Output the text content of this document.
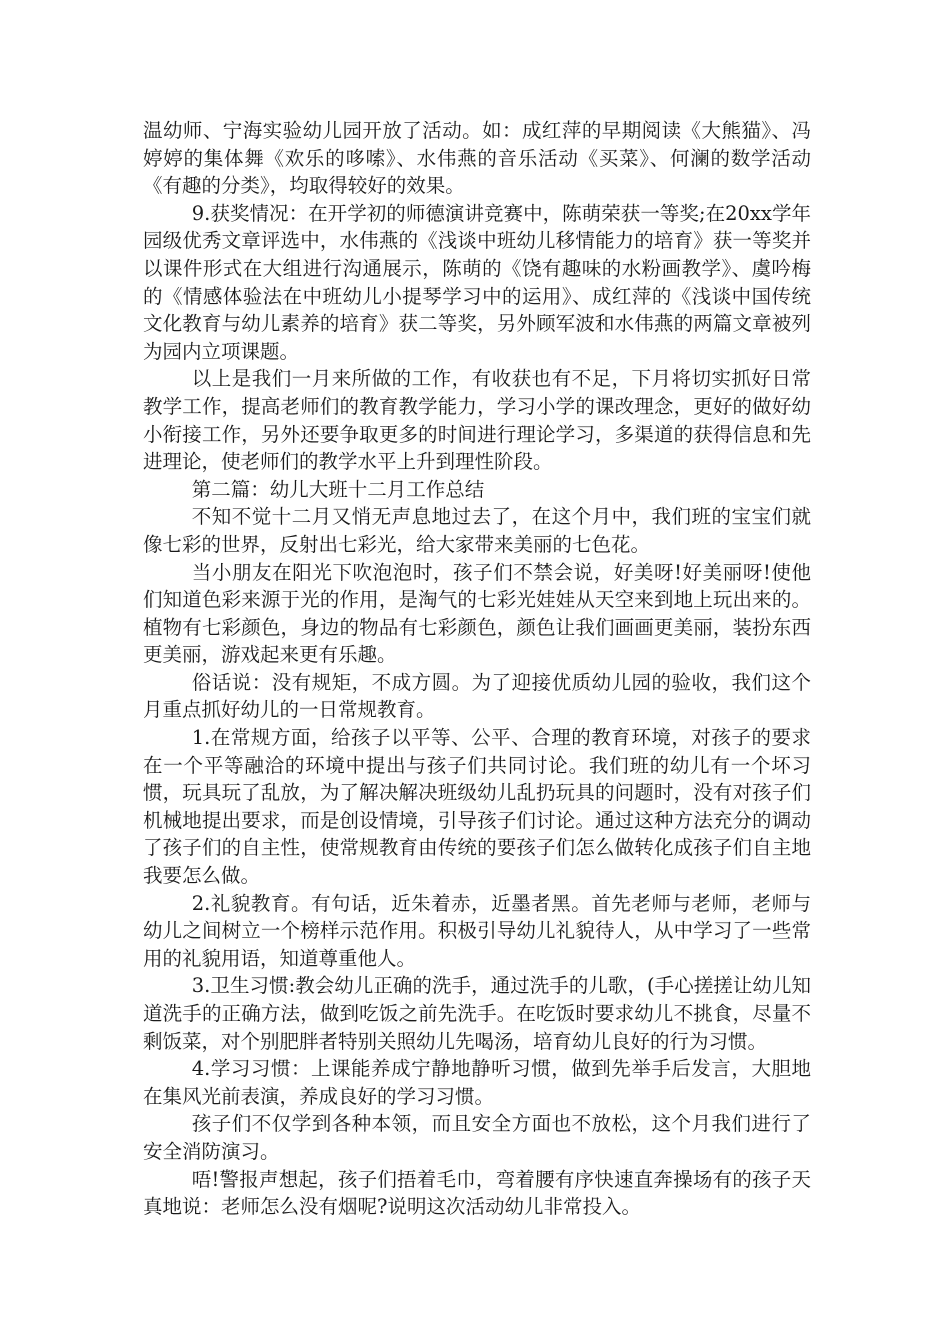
温幼师、宁海实验幼儿园开放了活动。如：成红萍的早期阅读《大熊猫》、冯婷婷的集体舞《欢乐的哆嗦》、水伟燕的音乐活动《买菜》、何澜的数学活动《有趣的分类》，均取得较好的效果。

9.获奖情况：在开学初的师德演讲竞赛中，陈萌荣获一等奖;在20xx学年园级优秀文章评选中，水伟燕的《浅谈中班幼儿移情能力的培育》获一等奖并以课件形式在大组进行沟通展示，陈萌的《饶有趣味的水粉画教学》、虞吟梅的《情感体验法在中班幼儿小提琴学习中的运用》、成红萍的《浅谈中国传统文化教育与幼儿素养的培育》获二等奖，另外顾军波和水伟燕的两篇文章被列为园内立项课题。

以上是我们一月来所做的工作，有收获也有不足，下月将切实抓好日常教学工作，提高老师们的教育教学能力，学习小学的课改理念，更好的做好幼小衔接工作，另外还要争取更多的时间进行理论学习，多渠道的获得信息和先进理论，使老师们的教学水平上升到理性阶段。

第二篇：幼儿大班十二月工作总结

不知不觉十二月又悄无声息地过去了，在这个月中，我们班的宝宝们就像七彩的世界，反射出七彩光，给大家带来美丽的七色花。

当小朋友在阳光下吹泡泡时，孩子们不禁会说，好美呀!好美丽呀!使他们知道色彩来源于光的作用，是淘气的七彩光娃娃从天空来到地上玩出来的。植物有七彩颜色，身边的物品有七彩颜色，颜色让我们画画更美丽，装扮东西更美丽，游戏起来更有乐趣。

俗话说：没有规矩，不成方圆。为了迎接优质幼儿园的验收，我们这个月重点抓好幼儿的一日常规教育。

1.在常规方面，给孩子以平等、公平、合理的教育环境，对孩子的要求在一个平等融洽的环境中提出与孩子们共同讨论。我们班的幼儿有一个坏习惯，玩具玩了乱放，为了解决解决班级幼儿乱扔玩具的问题时，没有对孩子们机械地提出要求，而是创设情境，引导孩子们讨论。通过这种方法充分的调动了孩子们的自主性，使常规教育由传统的要孩子们怎么做转化成孩子们自主地我要怎么做。

2.礼貌教育。有句话，近朱着赤，近墨者黑。首先老师与老师，老师与幼儿之间树立一个榜样示范作用。积极引导幼儿礼貌待人，从中学习了一些常用的礼貌用语，知道尊重他人。

3.卫生习惯:教会幼儿正确的洗手，通过洗手的儿歌，(手心搓搓让幼儿知道洗手的正确方法，做到吃饭之前先洗手。在吃饭时要求幼儿不挑食，尽量不剩饭菜，对个别肥胖者特别关照幼儿先喝汤，培育幼儿良好的行为习惯。

4.学习习惯：上课能养成宁静地静听习惯，做到先举手后发言，大胆地在集风光前表演，养成良好的学习习惯。

孩子们不仅学到各种本领，而且安全方面也不放松，这个月我们进行了安全消防演习。

唔!警报声想起，孩子们捂着毛巾，弯着腰有序快速直奔操场有的孩子天真地说：老师怎么没有烟呢?说明这次活动幼儿非常投入。
